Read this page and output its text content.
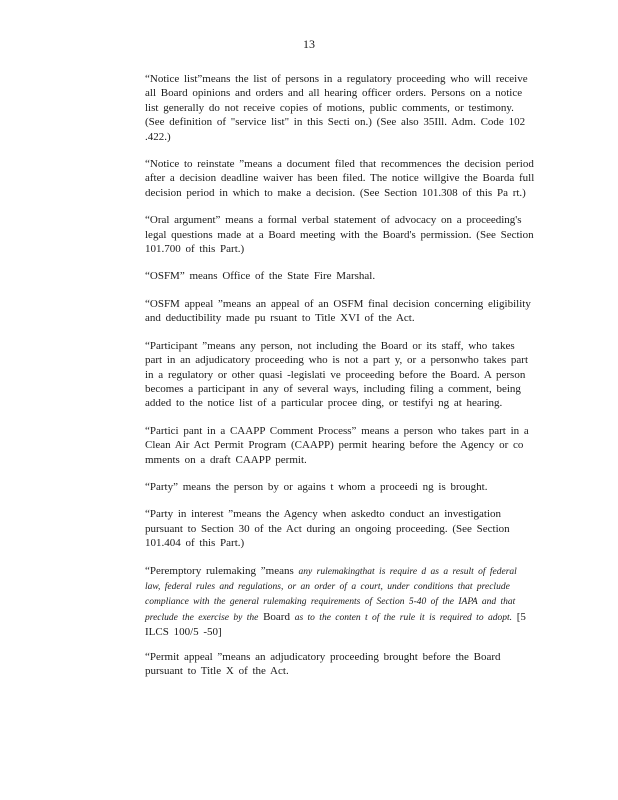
13

“Notice list”means the list of persons in a regulatory proceeding who will receive all Board opinions and orders and all hearing officer orders. Persons on a notice list generally do not receive copies of motions, public comments, or testimony. (See definition of "service list" in this Secti on.) (See also 35Ill. Adm. Code 102 .422.)

“Notice to reinstate ”means a document filed that recommences the decision period after a decision deadline waiver has been filed. The notice willgive the Boarda full decision period in which to make a decision. (See Section 101.308 of this Pa rt.)

“Oral argument” means a formal verbal statement of advocacy on a proceeding's legal questions made at a Board meeting with the Board's permission. (See Section 101.700 of this Part.)

“OSFM” means Office of the State Fire Marshal.

“OSFM appeal ”means an appeal of an OSFM final decision concerning eligibility and deductibility made pu rsuant to Title XVI of the Act.

“Participant ”means any person, not including the Board or its staff, who takes part in an adjudicatory proceeding who is not a part y, or a personwho takes part in a regulatory or other quasi -legislati ve proceeding before the Board. A person becomes a participant in any of several ways, including filing a comment, being added to the notice list of a particular procee ding, or testifyi ng at hearing.

“Partici pant in a CAAPP Comment Process” means a person who takes part in a Clean Air Act Permit Program (CAAPP) permit hearing before the Agency or co mments on a draft CAAPP permit.

“Party” means the person by or agains t whom a proceedi ng is brought.

“Party in interest ”means the Agency when askedto conduct an investigation pursuant to Section 30 of the Act during an ongoing proceeding. (See Section 101.404 of this Part.)

“Peremptory rulemaking ”means any rulemakingthat is require d as a result of federal law, federal rules and regulations, or an order of a court, under conditions that preclude compliance with the general rulemaking requirements of Section 5-40 of the IAPA and that preclude the exercise by the Board as to the conten t of the rule it is required to adopt. [5 ILCS 100/5 -50]

“Permit appeal ”means an adjudicatory proceeding brought before the Board pursuant to Title X of the Act.
